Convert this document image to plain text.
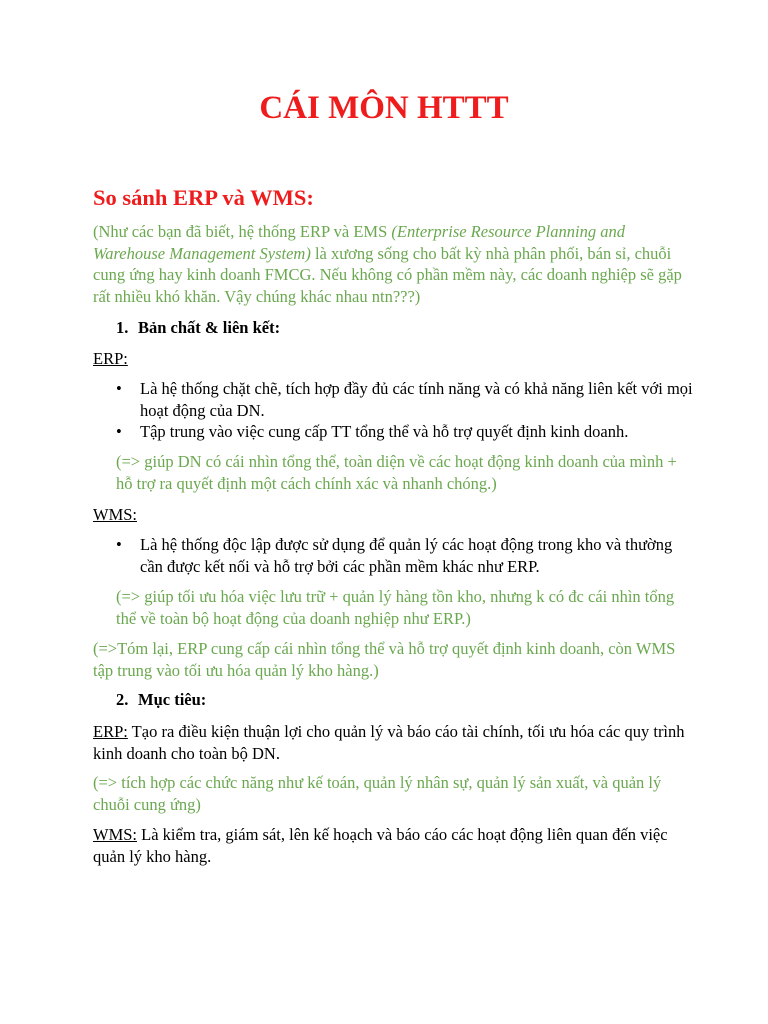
CÁI MÔN HTTT
So sánh ERP và WMS:

(Như các bạn đã biết, hệ thống ERP và EMS (Enterprise Resource Planning and Warehouse Management System) là xương sống cho bất kỳ nhà phân phối, bán sỉ, chuỗi cung ứng hay kinh doanh FMCG. Nếu không có phần mềm này, các doanh nghiệp sẽ gặp rất nhiều khó khăn. Vậy chúng khác nhau ntn???)

1. Bản chất & liên kết:

ERP:

•	Là hệ thống chặt chẽ, tích hợp đầy đủ các tính năng và có khả năng liên kết với mọi hoạt động của DN.
•	Tập trung vào việc cung cấp TT tổng thể và hỗ trợ quyết định kinh doanh.

(=> giúp DN có cái nhìn tổng thể, toàn diện về các hoạt động kinh doanh của mình + hỗ trợ ra quyết định một cách chính xác và nhanh chóng.)

WMS:

•	Là hệ thống độc lập được sử dụng để quản lý các hoạt động trong kho và thường cần được kết nối và hỗ trợ bởi các phần mềm khác như ERP.

(=> giúp tối ưu hóa việc lưu trữ + quản lý hàng tồn kho, nhưng k có đc cái nhìn tổng thể về toàn bộ hoạt động của doanh nghiệp như ERP.)

(=>Tóm lại, ERP cung cấp cái nhìn tổng thể và hỗ trợ quyết định kinh doanh, còn WMS tập trung vào tối ưu hóa quản lý kho hàng.)

2. Mục tiêu:

ERP: Tạo ra điều kiện thuận lợi cho quản lý và báo cáo tài chính, tối ưu hóa các quy trình kinh doanh cho toàn bộ DN.

(=> tích hợp các chức năng như kế toán, quản lý nhân sự, quản lý sản xuất, và quản lý chuỗi cung ứng)

WMS: Là kiểm tra, giám sát, lên kế hoạch và báo cáo các hoạt động liên quan đến việc quản lý kho hàng.
